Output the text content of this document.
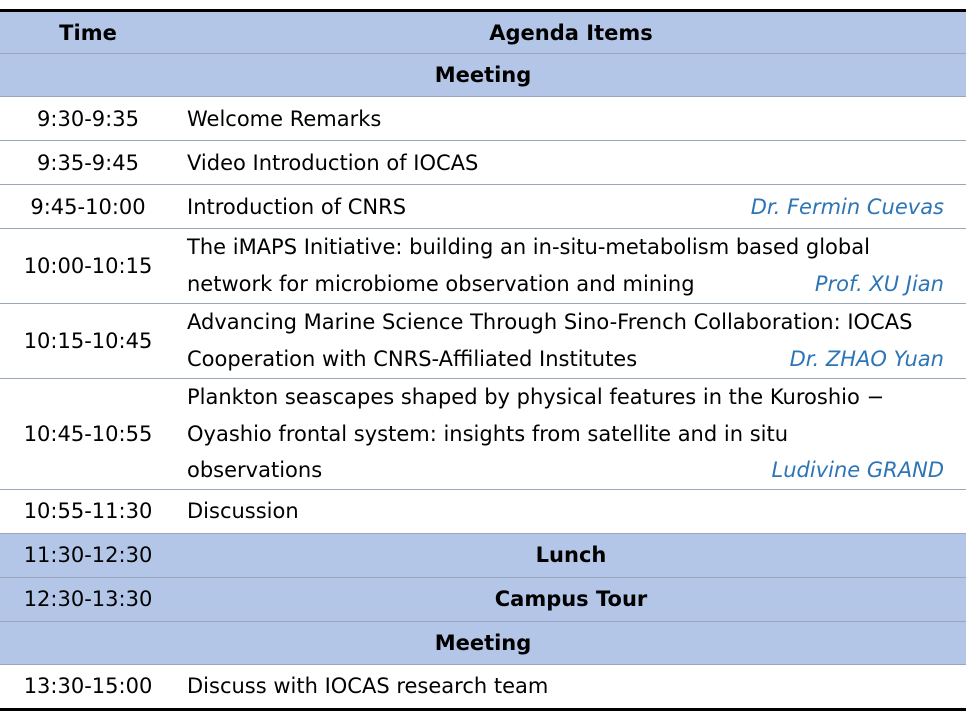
Time	Agenda Items
Meeting	
9:30-9:35	Welcome Remarks

9:35-9:45	Video Introduction of IOCAS

9:45-10:00	Introduction of CNRS Dr. Fermin Cuevas

10:00-10:15	The iMAPS Initiative: building an in-situ-metabolism based global
network for microbiome observation and mining Prof. XU Jian

10:15-10:45	Advancing Marine Science Through Sino-French Collaboration: IOCAS
Cooperation with CNRS-Affiliated Institutes Dr. ZHAO Yuan

10:45-10:55	Plankton seascapes shaped by physical features in the Kuroshio −
Oyashio frontal system: insights from satellite and in situ
observations Ludivine GRAND

10:55-11:30	Discussion

11:30-12:30	Lunch
12:30-13:30	Campus Tour
Meeting	
13:30-15:00	Discuss with IOCAS research team
